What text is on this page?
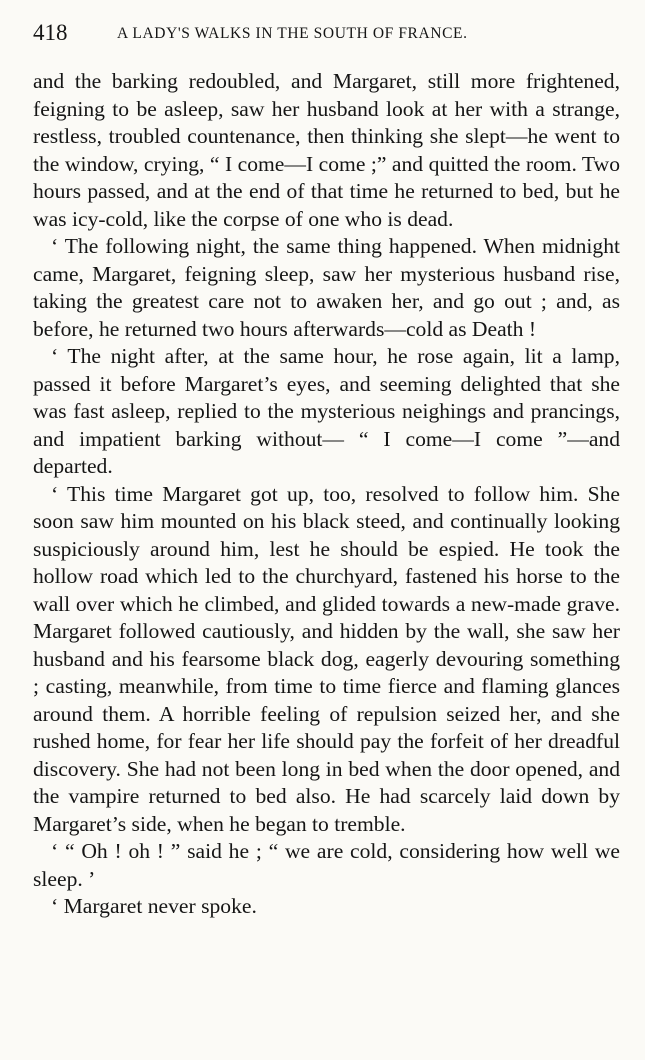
418	A LADY'S WALKS IN THE SOUTH OF FRANCE.

and the barking redoubled, and Margaret, still more frightened, feigning to be asleep, saw her husband look at her with a strange, restless, troubled countenance, then thinking she slept—he went to the window, crying, “ I come—I come ;” and quitted the room. Two hours passed, and at the end of that time he returned to bed, but he was icy-cold, like the corpse of one who is dead.

‘ The following night, the same thing happened. When midnight came, Margaret, feigning sleep, saw her mysterious husband rise, taking the greatest care not to awaken her, and go out ; and, as before, he returned two hours afterwards—cold as Death !

‘ The night after, at the same hour, he rose again, lit a lamp, passed it before Margaret’s eyes, and seeming delighted that she was fast asleep, replied to the mysterious neighings and prancings, and impatient barking without— “ I come—I come ”—and departed.

‘ This time Margaret got up, too, resolved to follow him. She soon saw him mounted on his black steed, and continually looking suspiciously around him, lest he should be espied. He took the hollow road which led to the churchyard, fastened his horse to the wall over which he climbed, and glided towards a new-made grave. Margaret followed cautiously, and hidden by the wall, she saw her husband and his fearsome black dog, eagerly devouring something ; casting, meanwhile, from time to time fierce and flaming glances around them. A horrible feeling of repulsion seized her, and she rushed home, for fear her life should pay the forfeit of her dreadful discovery. She had not been long in bed when the door opened, and the vampire returned to bed also. He had scarcely laid down by Margaret’s side, when he began to tremble.

‘ “ Oh ! oh ! ” said he ; “ we are cold, considering how well we sleep. ’

‘ Margaret never spoke.
